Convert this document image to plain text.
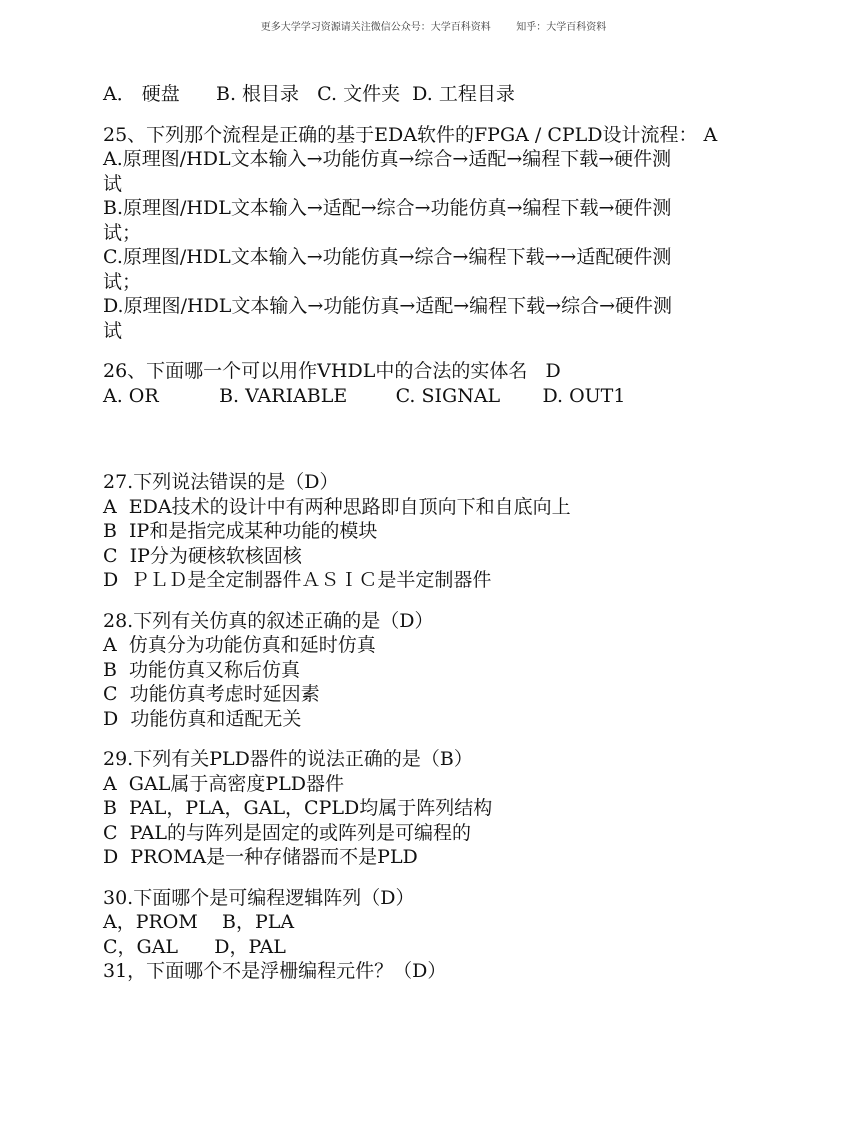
更多大学学习资源请关注微信公众号：大学百科资料        知乎：大学百科资料
A． 硬盘      B. 根目录   C. 文件夹  D. 工程目录
25、下列那个流程是正确的基于EDA软件的FPGA / CPLD设计流程： A
A.原理图/HDL文本输入→功能仿真→综合→适配→编程下载→硬件测
试
B.原理图/HDL文本输入→适配→综合→功能仿真→编程下载→硬件测
试；
C.原理图/HDL文本输入→功能仿真→综合→编程下载→→适配硬件测
试；
D.原理图/HDL文本输入→功能仿真→适配→编程下载→综合→硬件测
试
26、下面哪一个可以用作VHDL中的合法的实体名   D
A. OR          B. VARIABLE        C. SIGNAL       D. OUT1
27.下列说法错误的是（D）
A  EDA技术的设计中有两种思路即自顶向下和自底向上
B  IP和是指完成某种功能的模块
C  IP分为硬核软核固核
D  ＰＬＤ是全定制器件ＡＳＩＣ是半定制器件
28.下列有关仿真的叙述正确的是（D）
A  仿真分为功能仿真和延时仿真
B  功能仿真又称后仿真
C  功能仿真考虑时延因素
D  功能仿真和适配无关
29.下列有关PLD器件的说法正确的是（B）
A  GAL属于高密度PLD器件
B  PAL，PLA，GAL，CPLD均属于阵列结构
C  PAL的与阵列是固定的或阵列是可编程的
D  PROMA是一种存储器而不是PLD
30.下面哪个是可编程逻辑阵列（D）
A，PROM    B，PLA
C，GAL      D，PAL
31，下面哪个不是浮栅编程元件？（D）
